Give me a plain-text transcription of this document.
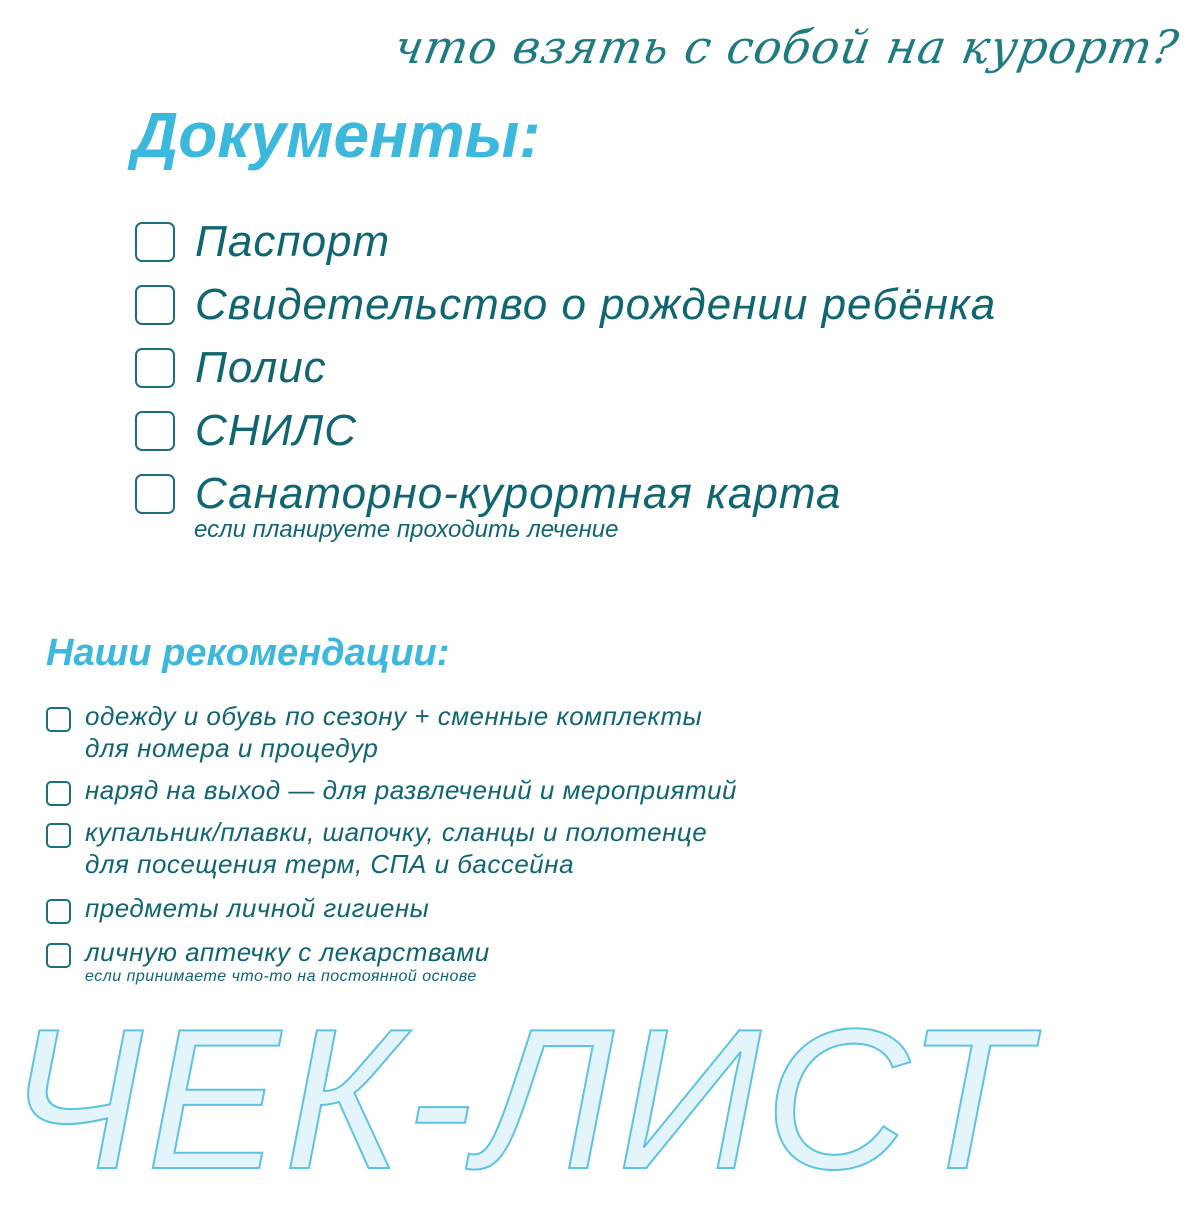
что взять с собой на курорт?
Документы:
Паспорт
Свидетельство о рождении ребёнка
Полис
СНИЛС
Санаторно-курортная карта
если планируете проходить лечение
Наши рекомендации:
одежду и обувь по сезону + сменные комплекты
для номера и процедур
наряд на выход — для развлечений и мероприятий
купальник/плавки, шапочку, сланцы и полотенце
для посещения терм, СПА и бассейна
предметы личной гигиены
личную аптечку с лекарствами
если принимаете что-то на постоянной основе
ЧЕК-ЛИСТ
